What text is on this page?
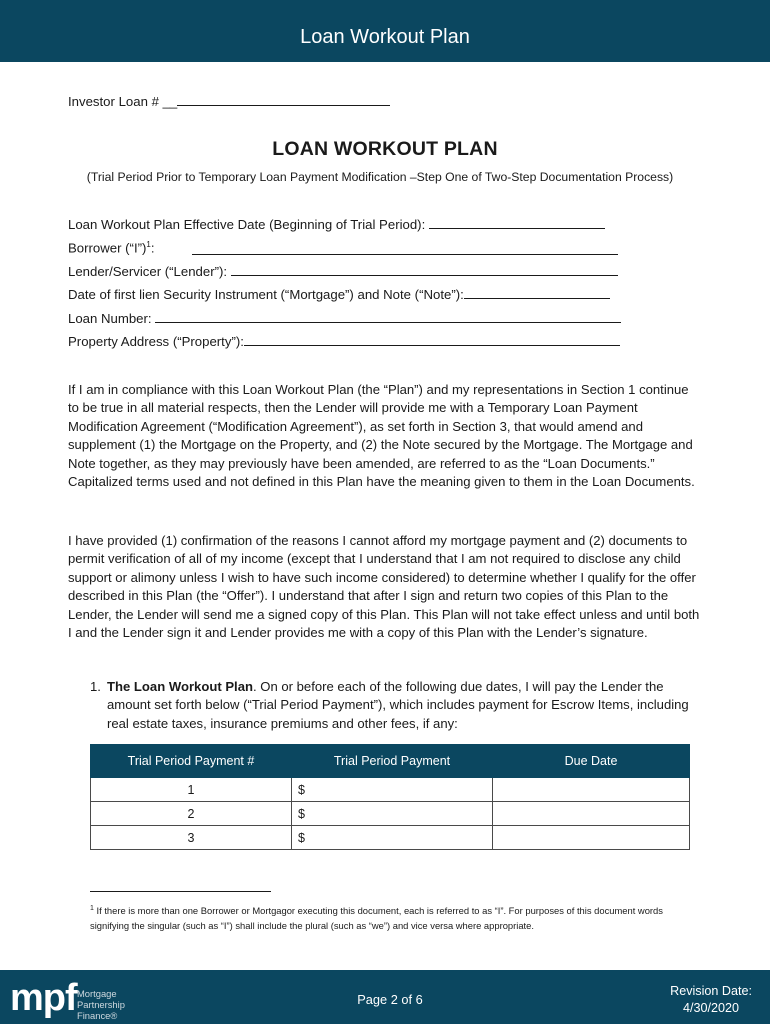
Loan Workout Plan
Investor Loan # __
LOAN WORKOUT PLAN
(Trial Period Prior to Temporary Loan Payment Modification –Step One of Two-Step Documentation Process)
Loan Workout Plan Effective Date (Beginning of Trial Period):
Borrower (“I”)$^1$:
Lender/Servicer (“Lender”):
Date of first lien Security Instrument (“Mortgage”) and Note (“Note”):
Loan Number:
Property Address (“Property”):
If I am in compliance with this Loan Workout Plan (the “Plan”) and my representations in Section 1 continue to be true in all material respects, then the Lender will provide me with a Temporary Loan Payment Modification Agreement (“Modification Agreement”), as set forth in Section 3, that would amend and supplement (1) the Mortgage on the Property, and (2) the Note secured by the Mortgage. The Mortgage and Note together, as they may previously have been amended, are referred to as the “Loan Documents.” Capitalized terms used and not defined in this Plan have the meaning given to them in the Loan Documents.
I have provided (1) confirmation of the reasons I cannot afford my mortgage payment and (2) documents to permit verification of all of my income (except that I understand that I am not required to disclose any child support or alimony unless I wish to have such income considered) to determine whether I qualify for the offer described in this Plan (the “Offer”). I understand that after I sign and return two copies of this Plan to the Lender, the Lender will send me a signed copy of this Plan. This Plan will not take effect unless and until both I and the Lender sign it and Lender provides me with a copy of this Plan with the Lender’s signature.
1. The Loan Workout Plan. On or before each of the following due dates, I will pay the Lender the amount set forth below (“Trial Period Payment”), which includes payment for Escrow Items, including real estate taxes, insurance premiums and other fees, if any:
Trial Period Payment #	Trial Period Payment	Due Date
1	$	
2	$	
3	$	
$^1$ If there is more than one Borrower or Mortgagor executing this document, each is referred to as “I”. For purposes of this document words signifying the singular (such as “I”) shall include the plural (such as “we”) and vice versa where appropriate.
mpf Mortgage
Partnership
Finance®
Page 2 of 6
Revision Date:
4/30/2020
